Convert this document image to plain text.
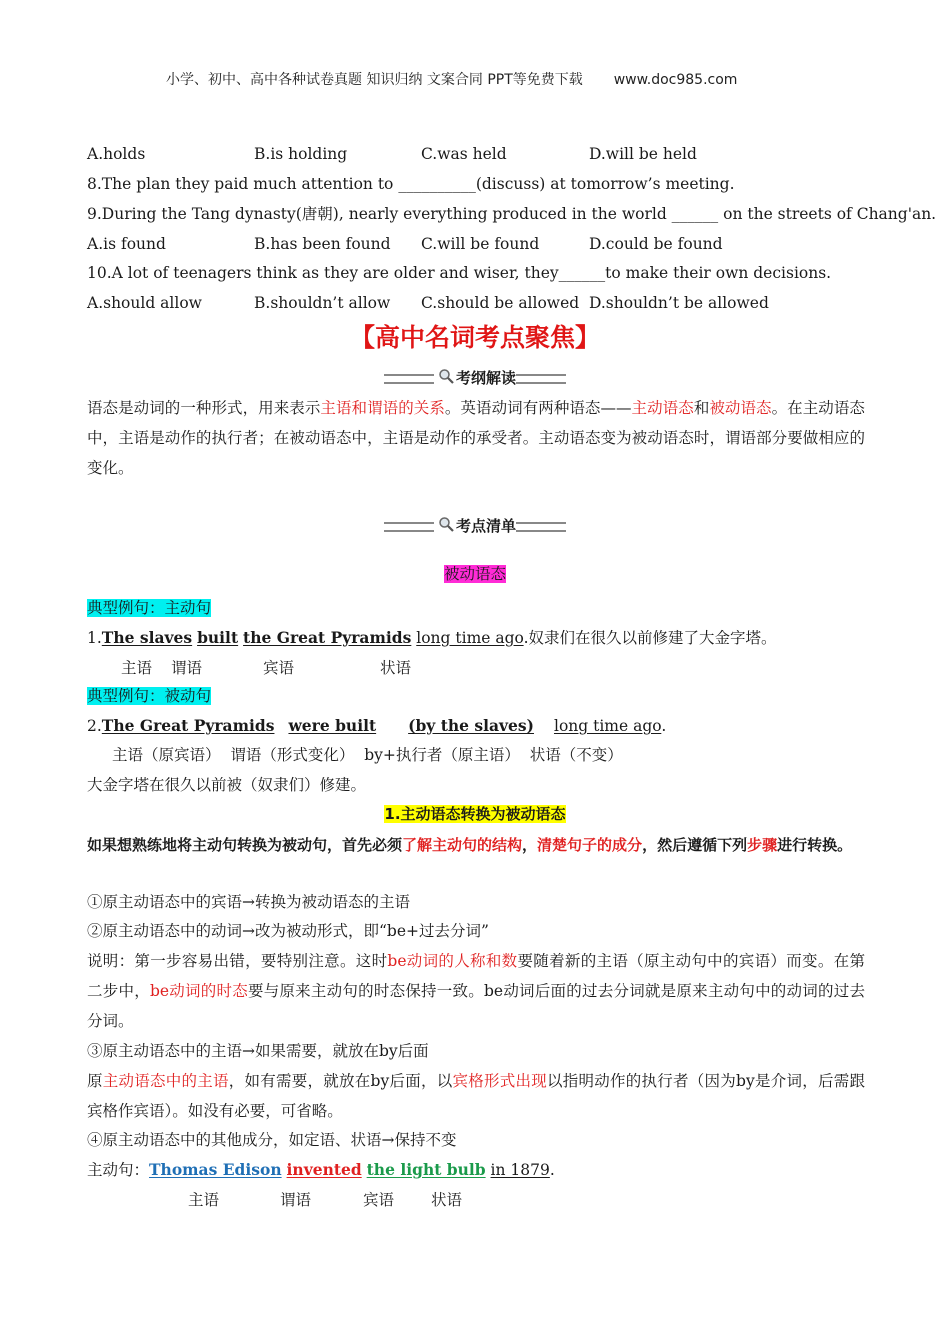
小学、初中、高中各种试卷真题 知识归纳 文案合同 PPT等免费下载 www.doc985.com
A.holds	B.is holding	C.was held	D.will be held
8.The plan they paid much attention to __________(discuss) at tomorrow’s meeting.
9.During the Tang dynasty(唐朝), nearly everything produced in the world ______ on the streets of Chang'an.
A.is found	B.has been found C.will be found	D.could be found
10.A lot of teenagers think as they are older and wiser, they______to make their own decisions.
A.should allow	B.shouldn’t allow C.should be allowed D.shouldn’t be allowed
【高中名词考点聚焦】
考纲解读
语态是动词的一种形式，用来表示主语和谓语的关系。英语动词有两种语态——主动语态和被动语态。在主动语态中，主语是动作的执行者；在被动语态中，主语是动作的承受者。主动语态变为被动语态时，谓语部分要做相应的变化。
考点清单
被动语态
典型例句：主动句
1.The slaves built the Great Pyramids long time ago.奴隶们在很久以前修建了大金字塔。
主语 谓语	宾语	状语
典型例句：被动句
2.The Great Pyramids were built (by the slaves) long time ago.
主语（原宾语）  谓语（形式变化）  by+执行者（原主语）  状语（不变）
大金字塔在很久以前被（奴隶们）修建。
1.主动语态转换为被动语态
如果想熟练地将主动句转换为被动句，首先必须了解主动句的结构，清楚句子的成分，然后遵循下列步骤进行转换。
①原主动语态中的宾语→转换为被动语态的主语
②原主动语态中的动词→改为被动形式，即“be+过去分词”
说明：第一步容易出错，要特别注意。这时be动词的人称和数要随着新的主语（原主动句中的宾语）而变。在第二步中，be动词的时态要与原来主动句的时态保持一致。be动词后面的过去分词就是原来主动句中的动词的过去分词。
③原主动语态中的主语→如果需要，就放在by后面
原主动语态中的主语，如有需要，就放在by后面，以宾格形式出现以指明动作的执行者（因为by是介词，后需跟宾格作宾语）。如没有必要，可省略。
④原主动语态中的其他成分，如定语、状语→保持不变
主动句：Thomas Edison invented the light bulb in 1879.
主语	谓语	宾语 状语
